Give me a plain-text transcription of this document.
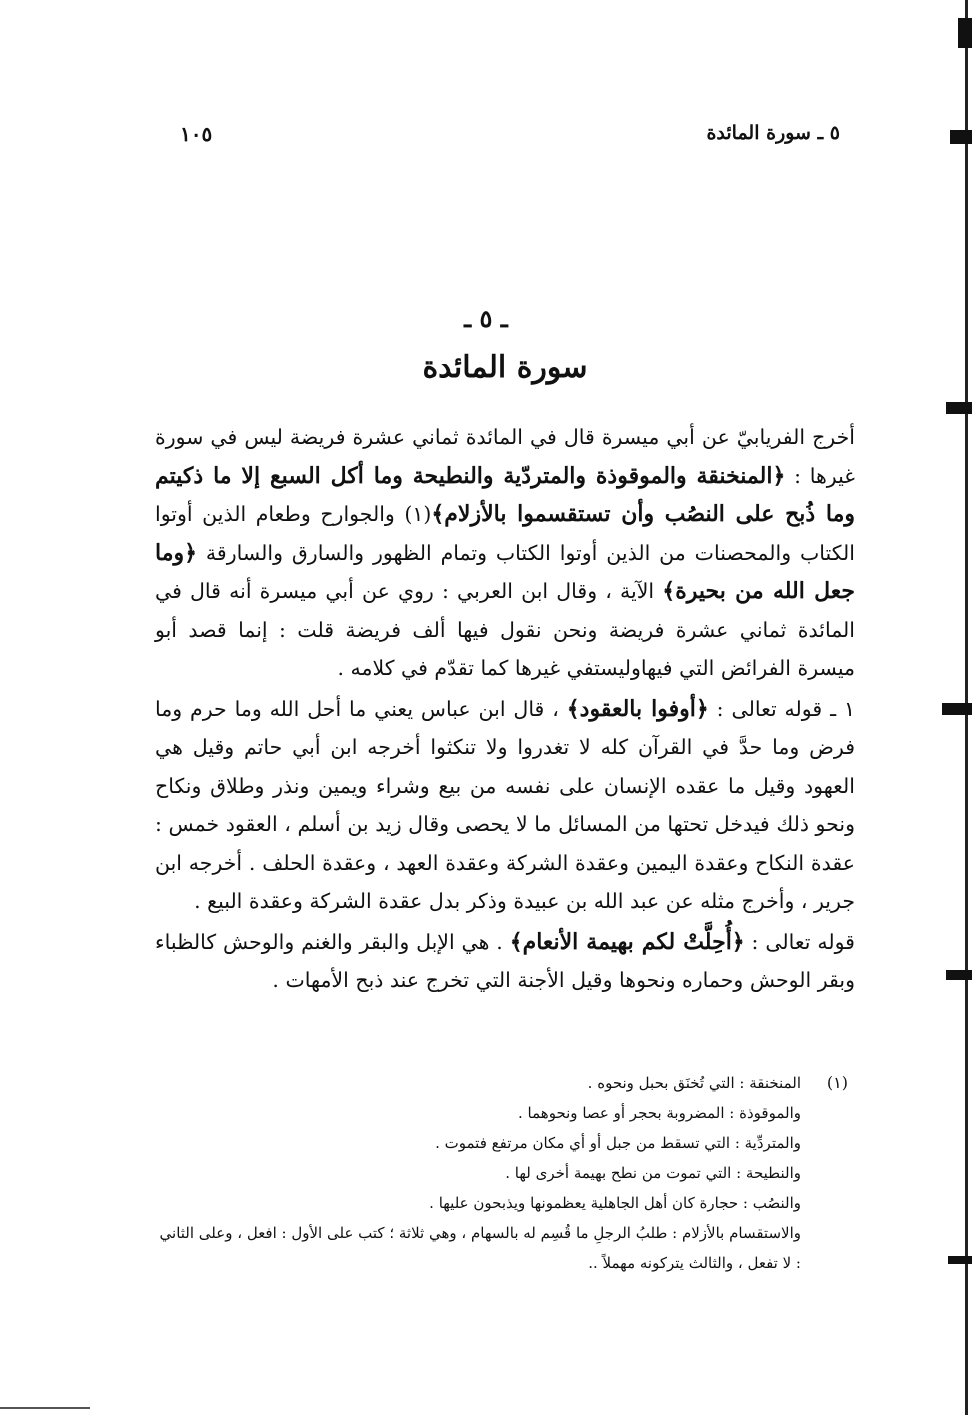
٥ ـ سورة المائدة
١٠٥
ـ ٥ ـ
سورة المائدة

أخرج الفريابيّ عن أبي ميسرة قال في المائدة ثماني عشرة فريضة ليس في سورة غيرها : ﴿المنخنقة والموقوذة والمتردّية والنطيحة وما أكل السبع إلا ما ذكيتم وما ذُبح على النصُب وأن تستقسموا بالأزلام﴾(١) والجوارح وطعام الذين أوتوا الكتاب والمحصنات من الذين أوتوا الكتاب وتمام الظهور والسارق والسارقة ﴿وما جعل الله من بحيرة﴾ الآية ، وقال ابن العربي : روي عن أبي ميسرة أنه قال في المائدة ثماني عشرة فريضة ونحن نقول فيها ألف فريضة قلت : إنما قصد أبو ميسرة الفرائض التي فيهاوليستفي غيرها كما تقدّم في كلامه .

١ ـ قوله تعالى : ﴿أوفوا بالعقود﴾ ، قال ابن عباس يعني ما أحل الله وما حرم وما فرض وما حدَّ في القرآن كله لا تغدروا ولا تنكثوا أخرجه ابن أبي حاتم وقيل هي العهود وقيل ما عقده الإنسان على نفسه من بيع وشراء ويمين ونذر وطلاق ونكاح ونحو ذلك فيدخل تحتها من المسائل ما لا يحصى وقال زيد بن أسلم ، العقود خمس : عقدة النكاح وعقدة اليمين وعقدة الشركة وعقدة العهد ، وعقدة الحلف . أخرجه ابن جرير ، وأخرج مثله عن عبد الله بن عبيدة وذكر بدل عقدة الشركة وعقدة البيع .

قوله تعالى : ﴿أُحِلَّتْ لكم بهيمة الأنعام﴾ . هي الإبل والبقر والغنم والوحش كالظباء وبقر الوحش وحماره ونحوها وقيل الأجنة التي تخرج عند ذبح الأمهات .

(١)
المنخنقة : التي تُخنَق بحبل ونحوه .
والموقوذة : المضروبة بحجر أو عصا ونحوهما .
والمتردِّية : التي تسقط من جبل أو أي مكان مرتفع فتموت .
والنطيحة : التي تموت من نطح بهيمة أخرى لها .
والنصُب : حجارة كان أهل الجاهلية يعظمونها ويذبحون عليها .
والاستقسام بالأزلام : طلبُ الرجلِ ما قُسِم له بالسهام ، وهي ثلاثة ؛ كتب على الأول : افعل ، وعلى الثاني : لا تفعل ، والثالث يتركونه مهملاً ..
